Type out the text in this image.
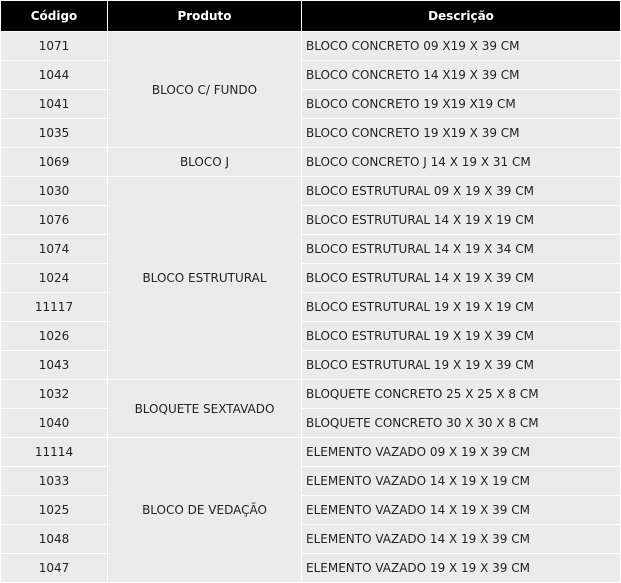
Código	Produto	Descrição
1071	BLOCO C/ FUNDO	BLOCO CONCRETO 09 X19 X 39 CM
1044		BLOCO CONCRETO 14 X19 X 39 CM
1041		BLOCO CONCRETO 19 X19 X19 CM
1035		BLOCO CONCRETO 19 X19 X 39 CM
1069	BLOCO J	BLOCO CONCRETO J 14 X 19 X 31 CM
1030	BLOCO ESTRUTURAL	BLOCO ESTRUTURAL 09 X 19 X 39 CM
1076		BLOCO ESTRUTURAL 14 X 19 X 19 CM
1074		BLOCO ESTRUTURAL 14 X 19 X 34 CM
1024		BLOCO ESTRUTURAL 14 X 19 X 39 CM
11117		BLOCO ESTRUTURAL 19 X 19 X 19 CM
1026		BLOCO ESTRUTURAL 19 X 19 X 39 CM
1043		BLOCO ESTRUTURAL 19 X 19 X 39 CM
1032	BLOQUETE SEXTAVADO	BLOQUETE CONCRETO 25 X 25 X 8 CM
1040		BLOQUETE CONCRETO 30 X 30 X 8 CM
11114	BLOCO DE VEDAÇÃO	ELEMENTO VAZADO 09 X 19 X 39 CM
1033		ELEMENTO VAZADO 14 X 19 X 19 CM
1025		ELEMENTO VAZADO 14 X 19 X 39 CM
1048		ELEMENTO VAZADO 14 X 19 X 39 CM
1047		ELEMENTO VAZADO 19 X 19 X 39 CM
